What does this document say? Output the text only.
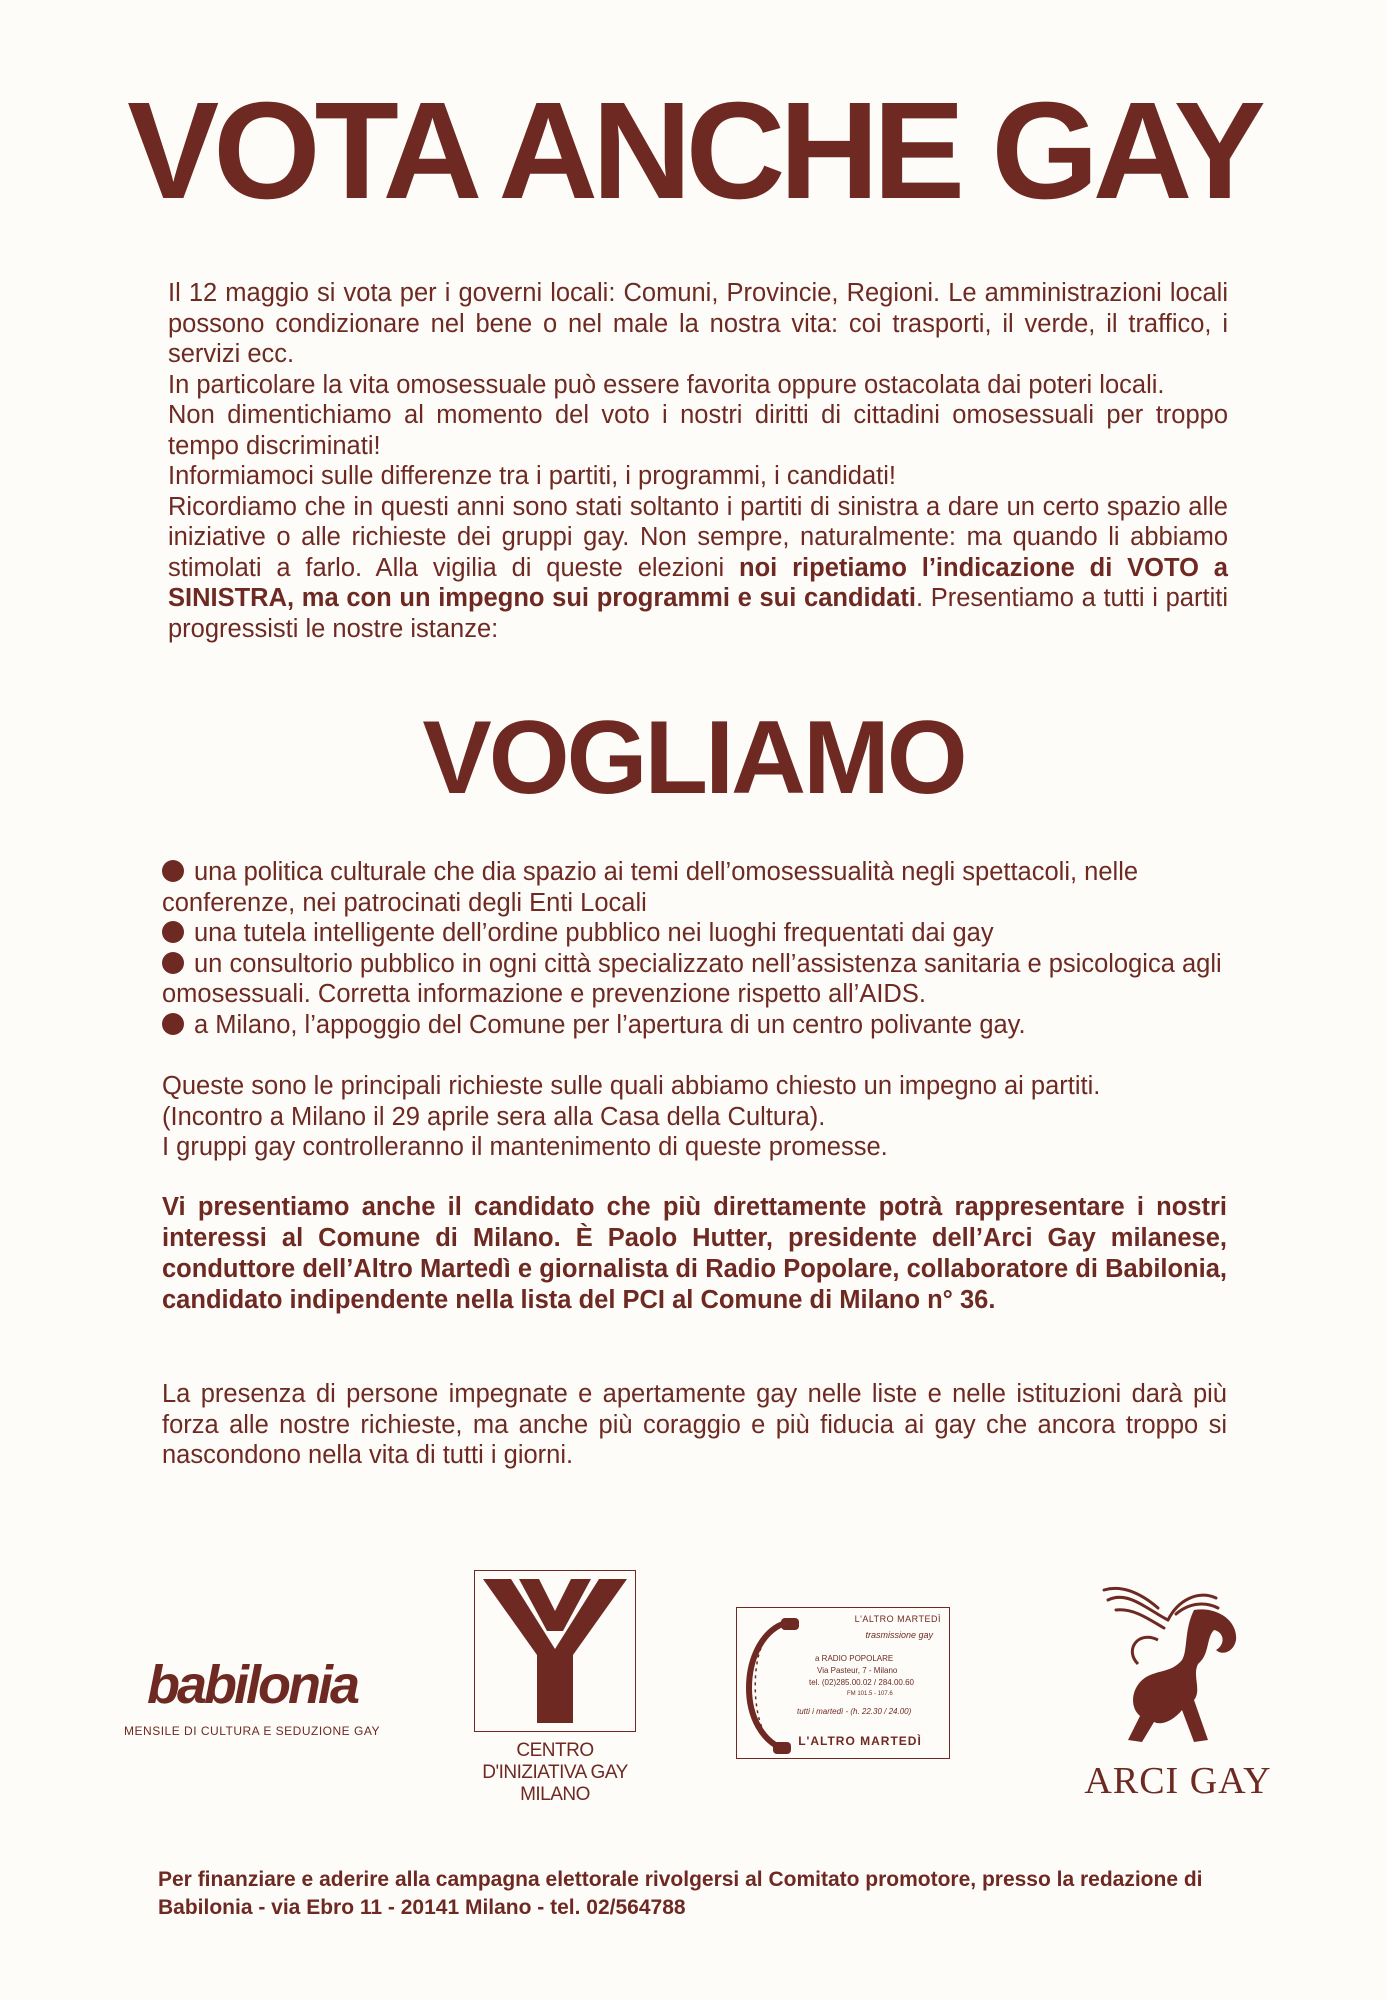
VOTA ANCHE GAY

Il 12 maggio si vota per i governi locali: Comuni, Provincie, Regioni. Le amministrazioni locali possono condizionare nel bene o nel male la nostra vita: coi trasporti, il verde, il traffico, i servizi ecc.

In particolare la vita omosessuale può essere favorita oppure ostacolata dai poteri locali.

Non dimentichiamo al momento del voto i nostri diritti di cittadini omosessuali per troppo tempo discriminati!

Informiamoci sulle differenze tra i partiti, i programmi, i candidati!

Ricordiamo che in questi anni sono stati soltanto i partiti di sinistra a dare un certo spazio alle iniziative o alle richieste dei gruppi gay. Non sempre, naturalmente: ma quando li abbiamo stimolati a farlo. Alla vigilia di queste elezioni noi ripetiamo l’indicazione di VOTO a SINISTRA, ma con un impegno sui programmi e sui candidati. Presentiamo a tutti i partiti progressisti le nostre istanze:

VOGLIAMO

una politica culturale che dia spazio ai temi dell’omosessualità negli spettacoli, nelle conferenze, nei patrocinati degli Enti Locali

una tutela intelligente dell’ordine pubblico nei luoghi frequentati dai gay

un consultorio pubblico in ogni città specializzato nell’assistenza sanitaria e psicologica agli omosessuali. Corretta informazione e prevenzione rispetto all’AIDS.

a Milano, l’appoggio del Comune per l’apertura di un centro polivante gay.

Queste sono le principali richieste sulle quali abbiamo chiesto un impegno ai partiti.

(Incontro a Milano il 29 aprile sera alla Casa della Cultura).

I gruppi gay controlleranno il mantenimento di queste promesse.

Vi presentiamo anche il candidato che più direttamente potrà rappresentare i nostri interessi al Comune di Milano. È Paolo Hutter, presidente dell’Arci Gay milanese, conduttore dell’Altro Martedì e giornalista di Radio Popolare, collaboratore di Babilonia, candidato indipendente nella lista del PCI al Comune di Milano n° 36.

La presenza di persone impegnate e apertamente gay nelle liste e nelle istituzioni darà più forza alle nostre richieste, ma anche più coraggio e più fiducia ai gay che ancora troppo si nascondono nella vita di tutti i giorni.

babilonia
MENSILE DI CULTURA E SEDUZIONE GAY
CENTRO
D'INIZIATIVA GAY
MILANO
L'ALTRO MARTEDÌ
trasmissione gay
a RADIO POPOLARE
Via Pasteur, 7 - Milano
tel. (02)285.00.02 / 284.00.60
FM 101.5 - 107.6
tutti i martedì - (h. 22.30 / 24.00)
L'ALTRO MARTEDÌ
ARCI GAY

Per finanziare e aderire alla campagna elettorale rivolgersi al Comitato promotore, presso la redazione di Babilonia - via Ebro 11 - 20141 Milano - tel. 02/564788
